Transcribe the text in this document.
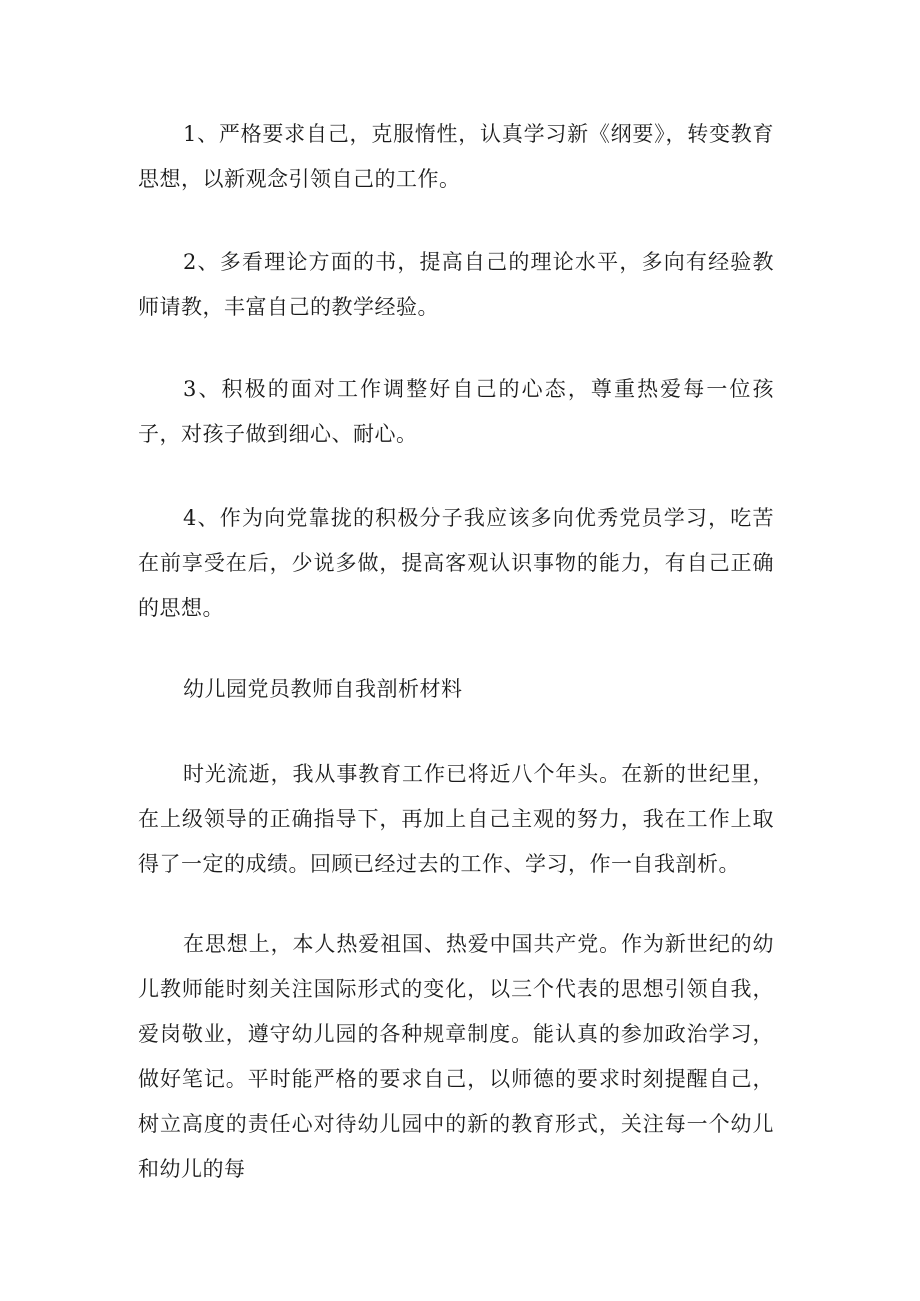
1、严格要求自己，克服惰性，认真学习新《纲要》，转变教育思想，以新观念引领自己的工作。

2、多看理论方面的书，提高自己的理论水平，多向有经验教师请教，丰富自己的教学经验。

3、积极的面对工作调整好自己的心态，尊重热爱每一位孩子，对孩子做到细心、耐心。

4、作为向党靠拢的积极分子我应该多向优秀党员学习，吃苦在前享受在后，少说多做，提高客观认识事物的能力，有自己正确的思想。

幼儿园党员教师自我剖析材料

时光流逝，我从事教育工作已将近八个年头。在新的世纪里，在上级领导的正确指导下，再加上自己主观的努力，我在工作上取得了一定的成绩。回顾已经过去的工作、学习，作一自我剖析。

在思想上，本人热爱祖国、热爱中国共产党。作为新世纪的幼儿教师能时刻关注国际形式的变化，以三个代表的思想引领自我，爱岗敬业，遵守幼儿园的各种规章制度。能认真的参加政治学习，做好笔记。平时能严格的要求自己，以师德的要求时刻提醒自己，树立高度的责任心对待幼儿园中的新的教育形式，关注每一个幼儿和幼儿的每
